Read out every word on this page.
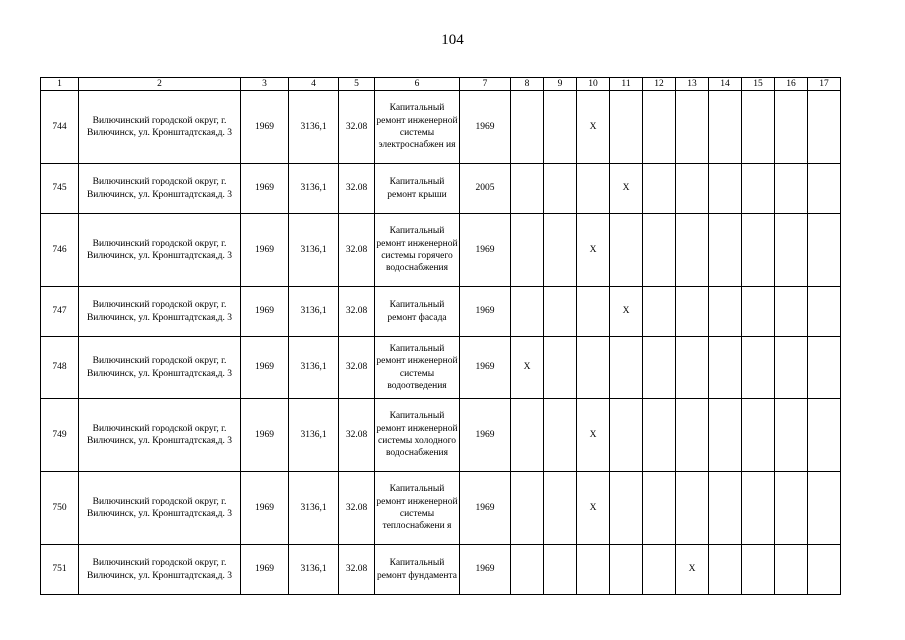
104
1	2	3	4	5	6	7	8	9	10	11	12	13	14	15	16	17
744	Вилючинский городской округ, г. Вилючинск, ул. Кронштадтская,д. 3	1969	3136,1	32.08	Капитальный ремонт инженерной системы электроснабжен ия	1969			X							
745	Вилючинский городской округ, г. Вилючинск, ул. Кронштадтская,д. 3	1969	3136,1	32.08	Капитальный ремонт крыши	2005				X						
746	Вилючинский городской округ, г. Вилючинск, ул. Кронштадтская,д. 3	1969	3136,1	32.08	Капитальный ремонт инженерной системы горячего водоснабжения	1969			X							
747	Вилючинский городской округ, г. Вилючинск, ул. Кронштадтская,д. 3	1969	3136,1	32.08	Капитальный ремонт фасада	1969				X						
748	Вилючинский городской округ, г. Вилючинск, ул. Кронштадтская,д. 3	1969	3136,1	32.08	Капитальный ремонт инженерной системы водоотведения	1969	X									
749	Вилючинский городской округ, г. Вилючинск, ул. Кронштадтская,д. 3	1969	3136,1	32.08	Капитальный ремонт инженерной системы холодного водоснабжения	1969			X							
750	Вилючинский городской округ, г. Вилючинск, ул. Кронштадтская,д. 3	1969	3136,1	32.08	Капитальный ремонт инженерной системы теплоснабжени я	1969			X							
751	Вилючинский городской округ, г. Вилючинск, ул. Кронштадтская,д. 3	1969	3136,1	32.08	Капитальный ремонт фундамента	1969						X				
